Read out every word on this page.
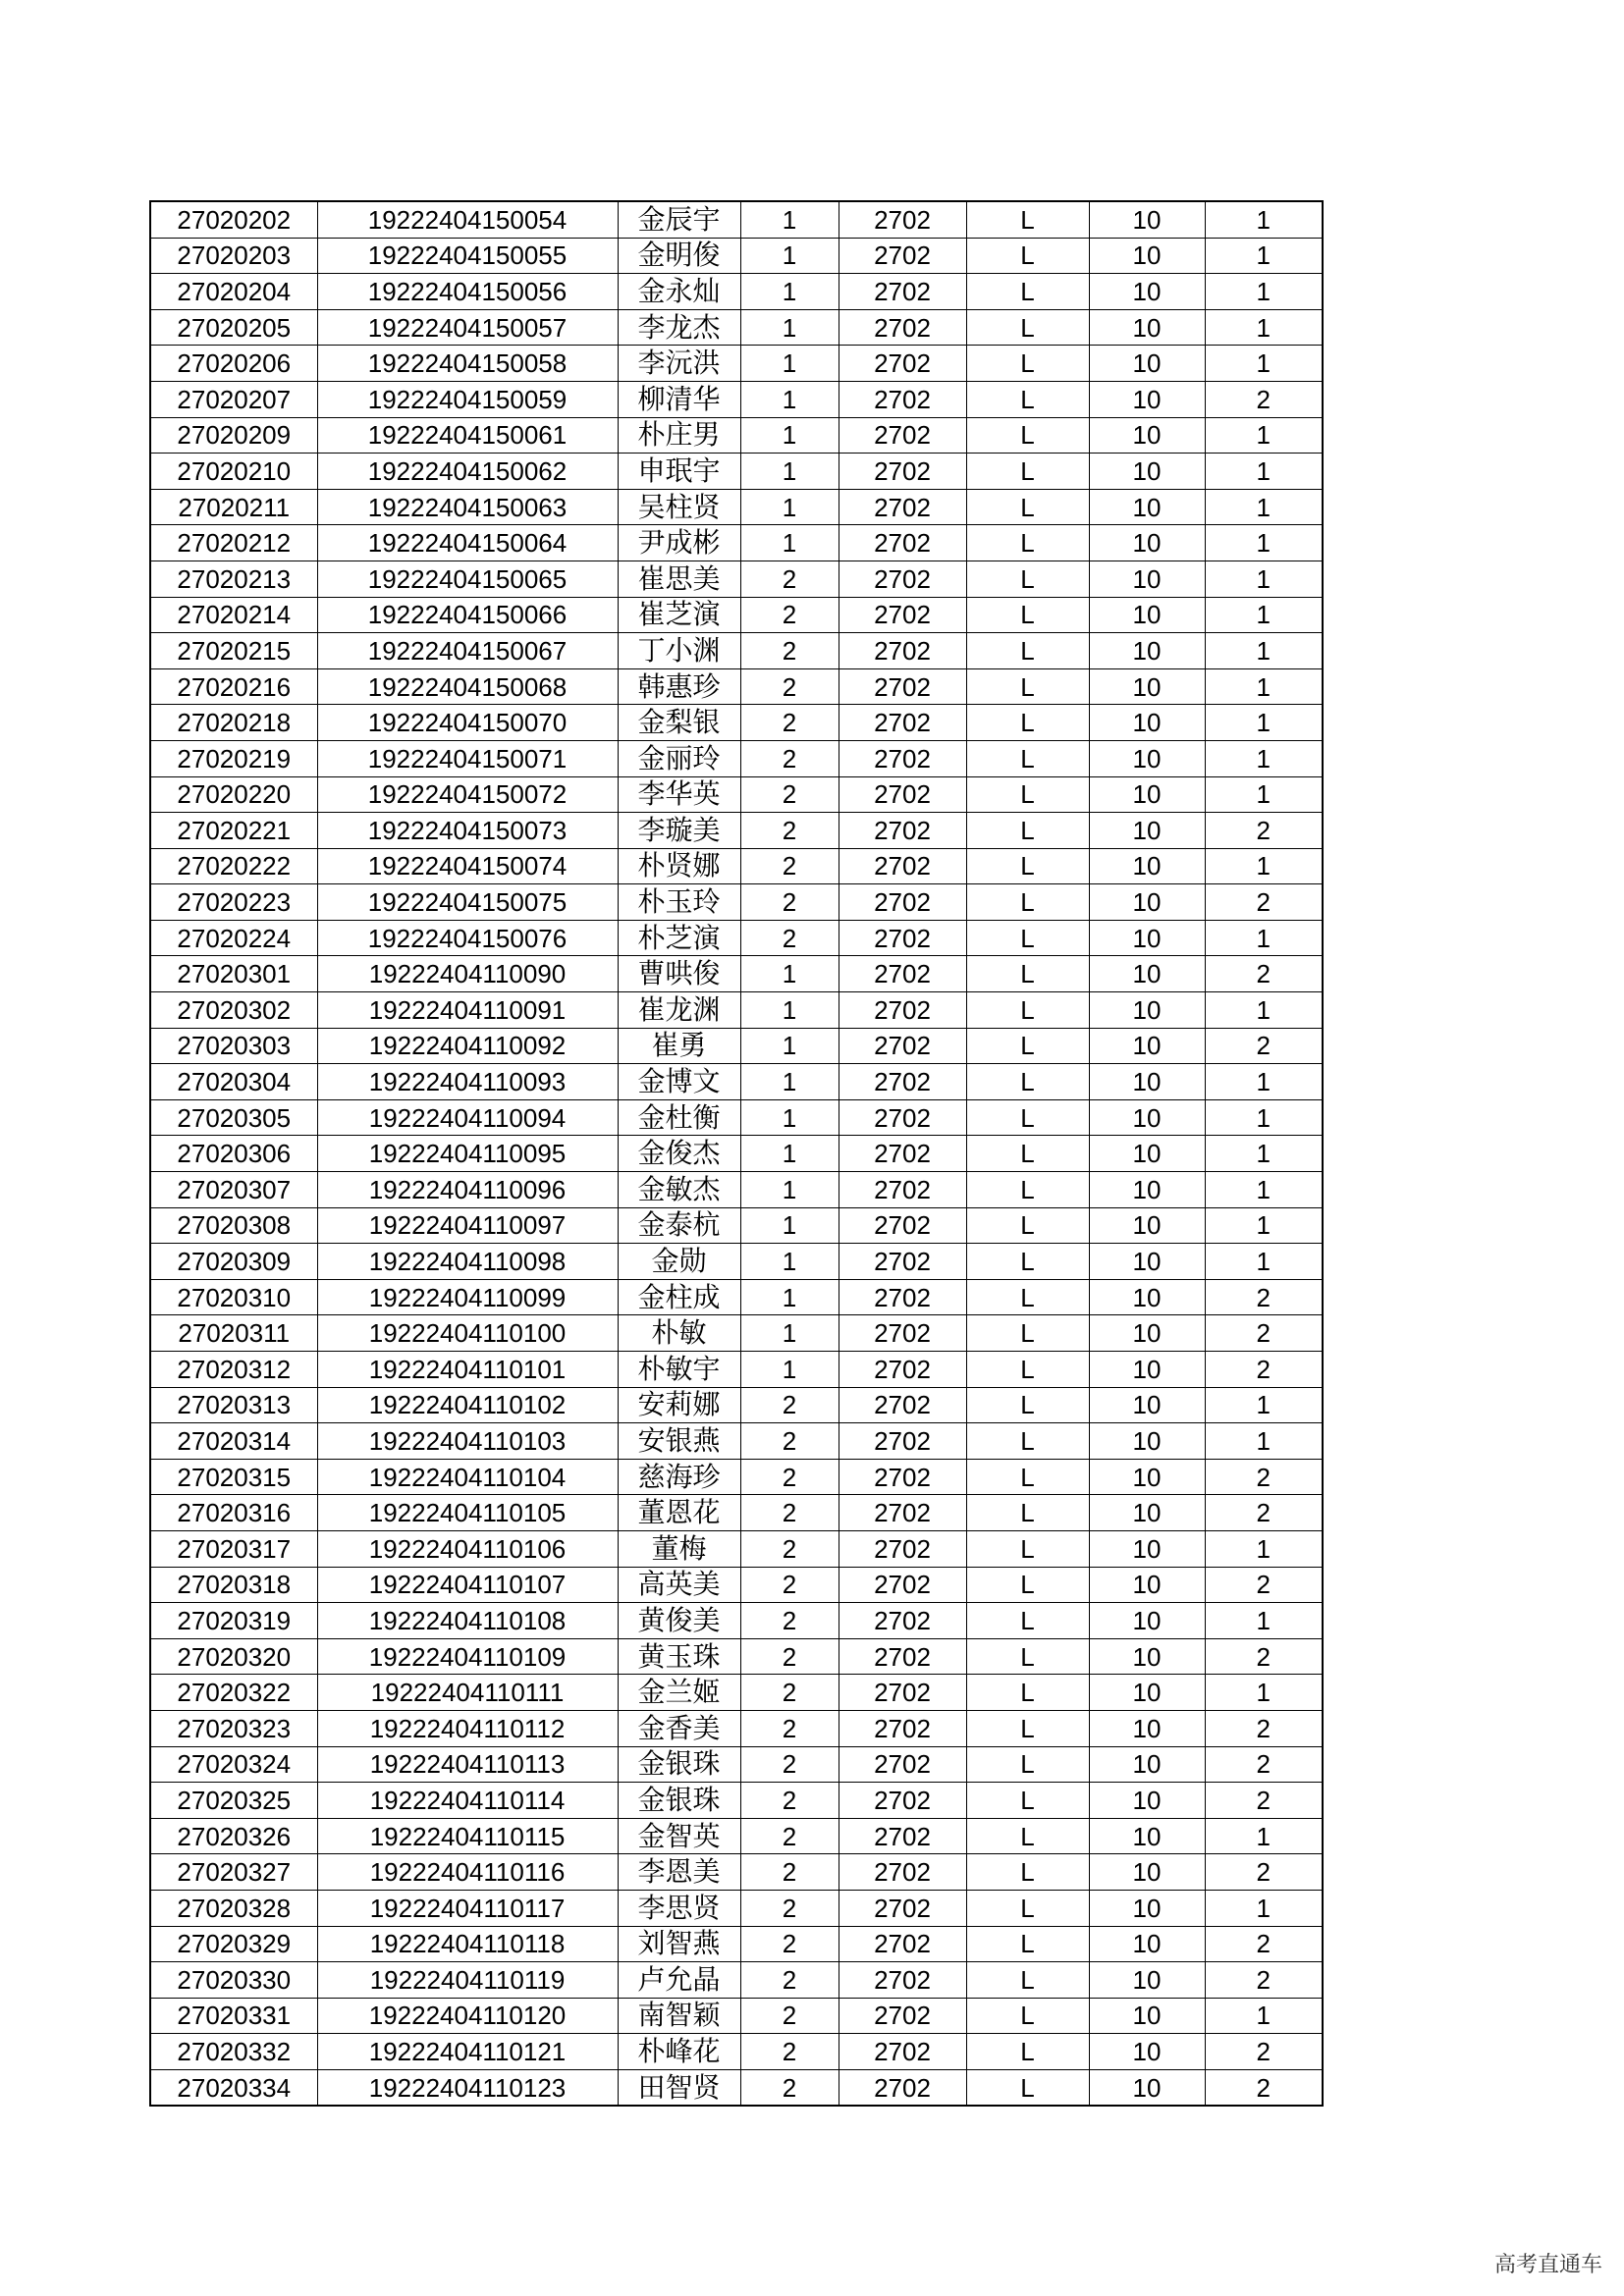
27020202	19222404150054	金辰宇	1	2702	L	10	1
27020203	19222404150055	金明俊	1	2702	L	10	1
27020204	19222404150056	金永灿	1	2702	L	10	1
27020205	19222404150057	李龙杰	1	2702	L	10	1
27020206	19222404150058	李沅洪	1	2702	L	10	1
27020207	19222404150059	柳清华	1	2702	L	10	2
27020209	19222404150061	朴庄男	1	2702	L	10	1
27020210	19222404150062	申珉宇	1	2702	L	10	1
27020211	19222404150063	吴柱贤	1	2702	L	10	1
27020212	19222404150064	尹成彬	1	2702	L	10	1
27020213	19222404150065	崔思美	2	2702	L	10	1
27020214	19222404150066	崔芝演	2	2702	L	10	1
27020215	19222404150067	丁小渊	2	2702	L	10	1
27020216	19222404150068	韩惠珍	2	2702	L	10	1
27020218	19222404150070	金梨银	2	2702	L	10	1
27020219	19222404150071	金丽玲	2	2702	L	10	1
27020220	19222404150072	李华英	2	2702	L	10	1
27020221	19222404150073	李璇美	2	2702	L	10	2
27020222	19222404150074	朴贤娜	2	2702	L	10	1
27020223	19222404150075	朴玉玲	2	2702	L	10	2
27020224	19222404150076	朴芝演	2	2702	L	10	1
27020301	19222404110090	曹哄俊	1	2702	L	10	2
27020302	19222404110091	崔龙渊	1	2702	L	10	1
27020303	19222404110092	崔勇	1	2702	L	10	2
27020304	19222404110093	金博文	1	2702	L	10	1
27020305	19222404110094	金杜衡	1	2702	L	10	1
27020306	19222404110095	金俊杰	1	2702	L	10	1
27020307	19222404110096	金敏杰	1	2702	L	10	1
27020308	19222404110097	金泰杭	1	2702	L	10	1
27020309	19222404110098	金勋	1	2702	L	10	1
27020310	19222404110099	金柱成	1	2702	L	10	2
27020311	19222404110100	朴敏	1	2702	L	10	2
27020312	19222404110101	朴敏宇	1	2702	L	10	2
27020313	19222404110102	安莉娜	2	2702	L	10	1
27020314	19222404110103	安银燕	2	2702	L	10	1
27020315	19222404110104	慈海珍	2	2702	L	10	2
27020316	19222404110105	董恩花	2	2702	L	10	2
27020317	19222404110106	董梅	2	2702	L	10	1
27020318	19222404110107	高英美	2	2702	L	10	2
27020319	19222404110108	黄俊美	2	2702	L	10	1
27020320	19222404110109	黄玉珠	2	2702	L	10	2
27020322	19222404110111	金兰姬	2	2702	L	10	1
27020323	19222404110112	金香美	2	2702	L	10	2
27020324	19222404110113	金银珠	2	2702	L	10	2
27020325	19222404110114	金银珠	2	2702	L	10	2
27020326	19222404110115	金智英	2	2702	L	10	1
27020327	19222404110116	李恩美	2	2702	L	10	2
27020328	19222404110117	李思贤	2	2702	L	10	1
27020329	19222404110118	刘智燕	2	2702	L	10	2
27020330	19222404110119	卢允晶	2	2702	L	10	2
27020331	19222404110120	南智颖	2	2702	L	10	1
27020332	19222404110121	朴峰花	2	2702	L	10	2
27020334	19222404110123	田智贤	2	2702	L	10	2
高考直通车
